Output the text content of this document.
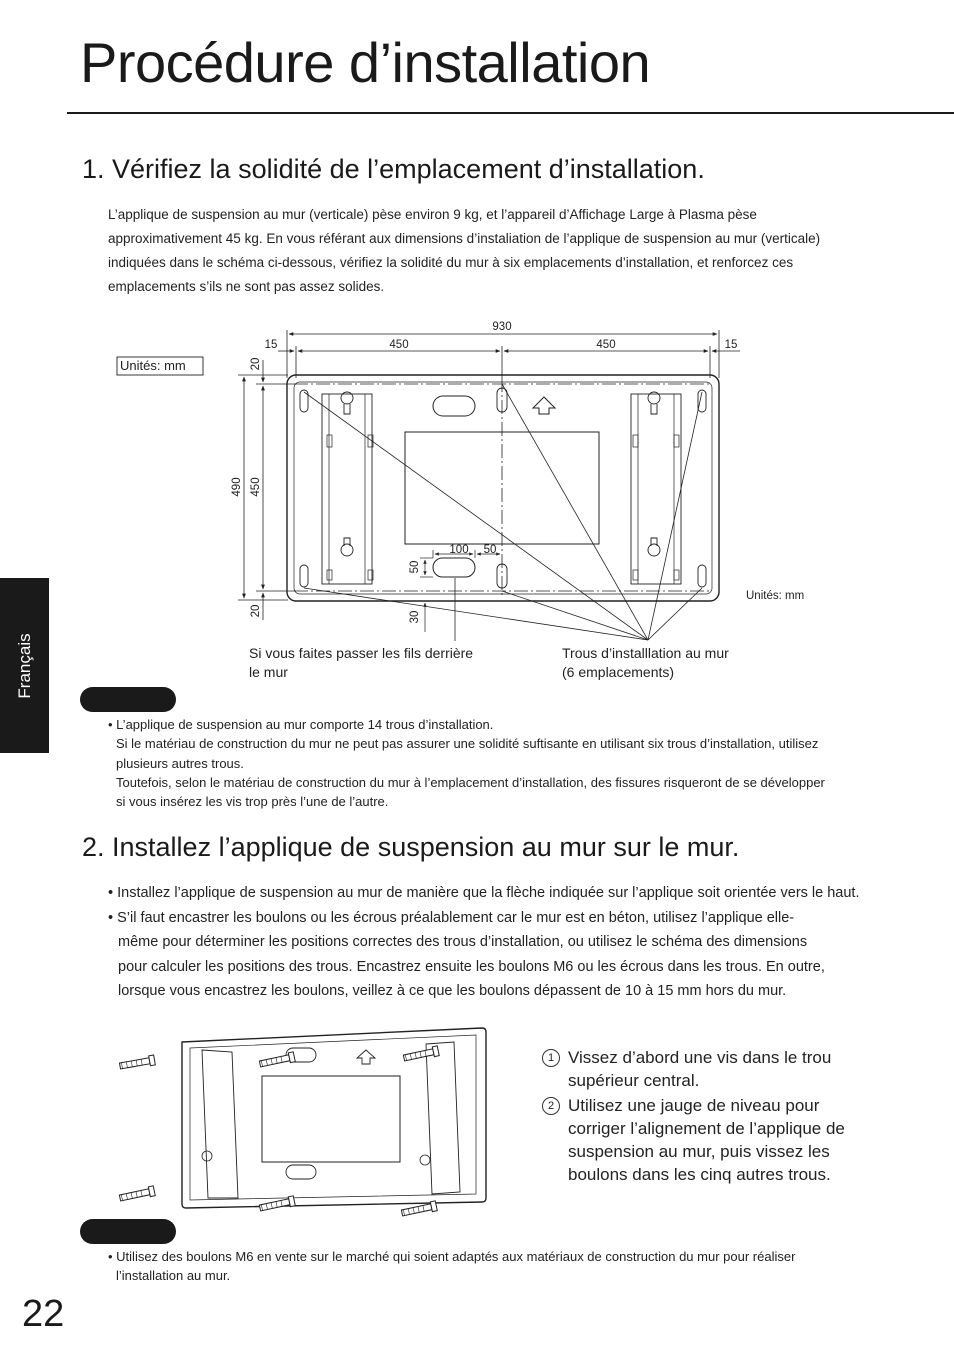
Procédure d’installation
Français
1. Vérifiez la solidité de l’emplacement d’installation.
L’applique de suspension au mur (verticale) pèse environ 9 kg, et l’appareil d’Affichage Large à Plasma pèse
approximativement 45 kg. En vous référant aux dimensions d’instaliation de l’applique de suspension au mur (verticale)
indiquées dans le schéma ci-dessous, vérifiez la solidité du mur à six emplacements d’installation, et renforcez ces
emplacements s’ils ne sont pas assez solides.
930
15	450	450	15
100 50
Unités: mm
Unités: mm	20
490 450
20
50
30
Si vous faites passer les fils derrière
le mur
Trous d’installlation au mur
(6 emplacements)

• L’applique de suspension au mur comporte 14 trous d’installation.

Si le matériau de construction du mur ne peut pas assurer une solidité suftisante en utilisant six trous d’installation, utilisez

plusieurs autres trous.

Toutefois, selon le matériau de construction du mur à l’emplacement d’installation, des fissures risqueront de se développer

si vous insérez les vis trop près l’une de l’autre.

2. Installez l’applique de suspension au mur sur le mur.

• Installez l’applique de suspension au mur de manière que la flèche indiquée sur l’applique soit orientée vers le haut.

• S’il faut encastrer les boulons ou les écrous préalablement car le mur est en béton, utilisez l’applique elle-

même pour déterminer les positions correctes des trous d’installation, ou utilisez le schéma des dimensions

pour calculer les positions des trous. Encastrez ensuite les boulons M6 ou les écrous dans les trous. En outre,

lorsque vous encastrez les boulons, veillez à ce que les boulons dépassent de 10 à 15 mm hors du mur.

1 Vissez d’abord une vis dans le trou supérieur central.
2 Utilisez une jauge de niveau pour corriger l’alignement de l’applique de suspension au mur, puis vissez les boulons dans les cinq autres trous.

• Utilisez des boulons M6 en vente sur le marché qui soient adaptés aux matériaux de construction du mur pour réaliser

l’installation au mur.

22
